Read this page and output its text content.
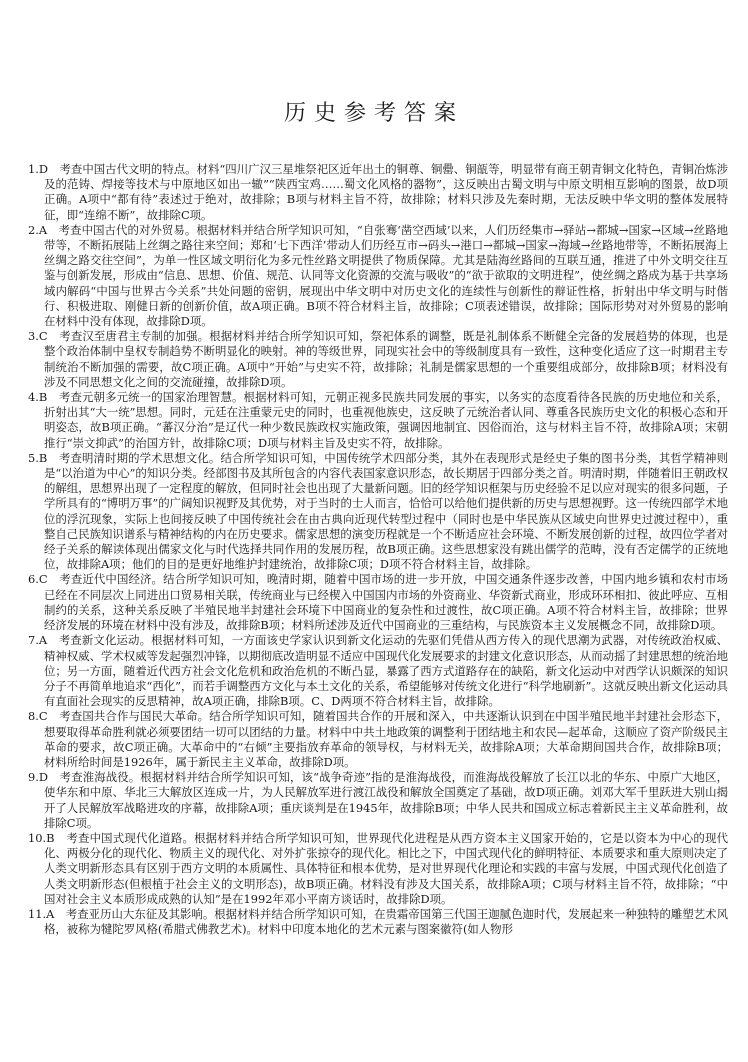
历史参考答案

1.D　 考查中国古代文明的特点。材料“四川广汉三星堆祭祀区近年出土的铜尊、铜罍、铜瓿等，明显带有商王朝青铜文化特色，青铜冶炼涉及的范铸、焊接等技术与中原地区如出一辙”“陕西宝鸡……蜀文化风格的器物”，这反映出古蜀文明与中原文明相互影响的图景，故D项正确。A项中“都有待”表述过于绝对，故排除；B项与材料主旨不符，故排除；材料只涉及先秦时期，无法反映中华文明的整体发展特征，即“连绵不断”，故排除C项。

2.A　 考查中国古代的对外贸易。根据材料并结合所学知识可知，“自张骞‘凿空西域’以来，人们历经集市→驿站→都城→国家→区域→丝路地带等，不断拓展陆上丝绸之路往来空间；郑和‘七下西洋’带动人们历经互市→码头→港口→都城→国家→海域→丝路地带等，不断拓展海上丝绸之路交往空间”，为单一性区域文明衍化为多元性丝路文明提供了物质保障。尤其是陆海丝路间的互联互通，推进了中外文明交往互鉴与创新发展，形成由“信息、思想、价值、规范、认同等文化资源的交流与吸收”的“欲于欲取的文明进程”，使丝绸之路成为基于共享场域内解码“中国与世界古今关系”共处问题的密钥，展现出中华文明中对历史文化的连续性与创新性的辩证性格，折射出中华文明与时偕行、积极进取、刚健日新的创新价值，故A项正确。B项不符合材料主旨，故排除；C项表述错误，故排除；国际形势对对外贸易的影响在材料中没有体现，故排除D项。

3.C　 考查汉至唐君主专制的加强。根据材料并结合所学知识可知，祭祀体系的调整，既是礼制体系不断健全完备的发展趋势的体现，也是整个政治体制中皇权专制趋势不断明显化的映射。神的等级世界，同现实社会中的等级制度具有一致性，这种变化适应了这一时期君主专制统治不断加强的需要，故C项正确。A项中“开始”与史实不符，故排除；礼制是儒家思想的一个重要组成部分，故排除B项；材料没有涉及不同思想文化之间的交流碰撞，故排除D项。

4.B　 考查元朝多元统一的国家治理智慧。根据材料可知，元朝正视多民族共同发展的事实，以务实的态度看待各民族的历史地位和关系，折射出其“大一统”思想。同时，元廷在注重蒙元史的同时，也重视他族史，这反映了元统治者认同、尊重各民族历史文化的积极心态和开明姿态，故B项正确。“蕃汉分治”是辽代一种少数民族政权实施政策，强调因地制宜、因俗而治，这与材料主旨不符，故排除A项；宋朝推行“崇文抑武”的治国方针，故排除C项；D项与材料主旨及史实不符，故排除。

5.B　 考查明清时期的学术思想文化。结合所学知识可知，中国传统学术四部分类，其外在表现形式是经史子集的图书分类，其哲学精神则是“以治道为中心”的知识分类。经部图书及其所包含的内容代表国家意识形态，故长期居于四部分类之首。明清时期，伴随着旧王朝政权的解组，思想界出现了一定程度的解放，但同时社会也出现了大量新问题。旧的经学知识框架与历史经验不足以应对现实的很多问题，子学所具有的“博明万事”的广阔知识视野及其优势，对于当时的士人而言，恰恰可以给他们提供新的历史与思想视野。这一传统四部学术地位的浮沉现象，实际上也间接反映了中国传统社会在由古典向近现代转型过程中（同时也是中华民族从区域史向世界史过渡过程中），重整自己民族知识谱系与精神结构的内在历史要求。儒家思想的演变历程就是一个不断适应社会环境、不断发展创新的过程，故四位学者对经子关系的解读体现出儒家文化与时代选择共同作用的发展历程，故B项正确。这些思想家没有跳出儒学的范畴，没有否定儒学的正统地位，故排除A项；他们的目的是更好地维护封建统治，故排除C项；D项不符合材料主旨，故排除。

6.C　 考查近代中国经济。结合所学知识可知，晚清时期，随着中国市场的进一步开放，中国交通条件逐步改善，中国内地乡镇和农村市场已经在不同层次上同进出口贸易相关联，传统商业与已经楔入中国国内市场的外资商业、华资新式商业，形成环环相扣、彼此呼应、互相制约的关系，这种关系反映了半殖民地半封建社会环境下中国商业的复杂性和过渡性，故C项正确。A项不符合材料主旨，故排除；世界经济发展的环境在材料中没有涉及，故排除B项；材料所述涉及近代中国商业的三重结构，与民族资本主义发展概念不同，故排除D项。

7.A　 考查新文化运动。根据材料可知，一方面该史学家认识到新文化运动的先驱们凭借从西方传入的现代思潮为武器，对传统政治权威、精神权威、学术权威等发起强烈冲锋，以期彻底改造明显不适应中国现代化发展要求的封建文化意识形态，从而动摇了封建思想的统治地位；另一方面，随着近代西方社会文化危机和政治危机的不断凸显，暴露了西方式道路存在的缺陷，新文化运动中对西学认识颇深的知识分子不再简单地追求“西化”，而若手调整西方文化与本土文化的关系，希望能够对传统文化进行“科学地刷新”。这就反映出新文化运动具有直面社会现实的反思精神，故A项正确，排除B项。C、D两项不符合材料主旨，故排除。

8.C　 考查国共合作与国民大革命。结合所学知识可知，随着国共合作的开展和深入，中共逐渐认识到在中国半殖民地半封建社会形态下，想要取得革命胜利就必须要团结一切可以团结的力量。材料中中共土地政策的调整利于团结地主和农民—起革命，这顺应了资产阶级民主革命的要求，故C项正确。大革命中的“右倾”主要指放弃革命的领导权，与材料无关，故排除A项；大革命期间国共合作，故排除B项；材料所给时间是1926年，属于新民主主义革命，故排除D项。

9.D　 考查淮海战役。根据材料并结合所学知识可知，该“战争奇迹”指的是淮海战役，而淮海战役解放了长江以北的华东、中原广大地区，使华东和中原、华北三大解放区连成一片，为人民解放军进行渡江战役和解放全国奠定了基础，故D项正确。刘邓大军千里跃进大别山揭开了人民解放军战略进攻的序幕，故排除A项；重庆谈判是在1945年，故排除B项；中华人民共和国成立标志着新民主主义革命胜利，故排除C项。

10.B　 考查中国式现代化道路。根据材料并结合所学知识可知，世界现代化进程是从西方资本主义国家开始的，它是以资本为中心的现代化、两极分化的现代化、物质主义的现代化、对外扩张掠夺的现代化。相比之下，中国式现代化的鲜明特征、本质要求和重大原则决定了人类文明新形态具有区别于西方文明的本质属性、具体特征和根本优势，是对世界现代化理论和实践的丰富与发展，中国式现代化创造了人类文明新形态(但根植于社会主义的文明形态)，故B项正确。材料没有涉及大国关系，故排除A项；C项与材料主旨不符，故排除；“中国对社会主义本质形成成熟的认知”是在1992年邓小平南方谈话时，故排除D项。

11.A　 考查亚历山大东征及其影响。根据材料并结合所学知识可知，在贵霜帝国第三代国王迦腻色迦时代，发展起来一种独特的雕塑艺术风格，被称为犍陀罗风格(希腊式佛教艺术)。材料中印度本地化的艺术元素与图案徽符(如人物形
